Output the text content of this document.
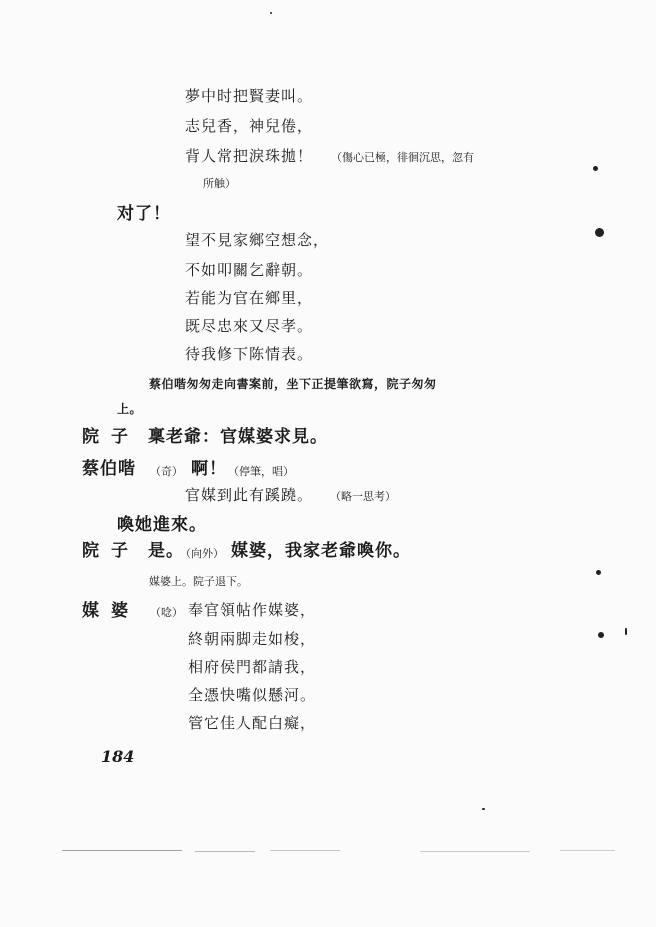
夢中时把賢妻叫。
志兒香，神兒倦，
背人常把淚珠拋！ （傷心已極，徘徊沉思，忽有
所触）
对了！
望不見家鄉空想念，
不如叩關乞辭朝。
若能为官在鄉里，
既尽忠來又尽孝。
待我修下陈情表。
蔡伯喈匆匆走向書案前，坐下正提筆欲寫，院子匆匆
上。
院子 稟老爺：官媒婆求見。
蔡伯喈 （奇） 啊！ （停筆，唱）
官媒到此有蹊蹺。 （略一思考）
喚她進來。
院子 是。
（向外） 媒婆，我家老爺喚你。
媒婆上。院子退下。
媒婆 （唸） 奉官領帖作媒婆，
終朝兩脚走如梭，
相府侯門都請我，
全憑快嘴似懸河。
管它佳人配白癡，
184
